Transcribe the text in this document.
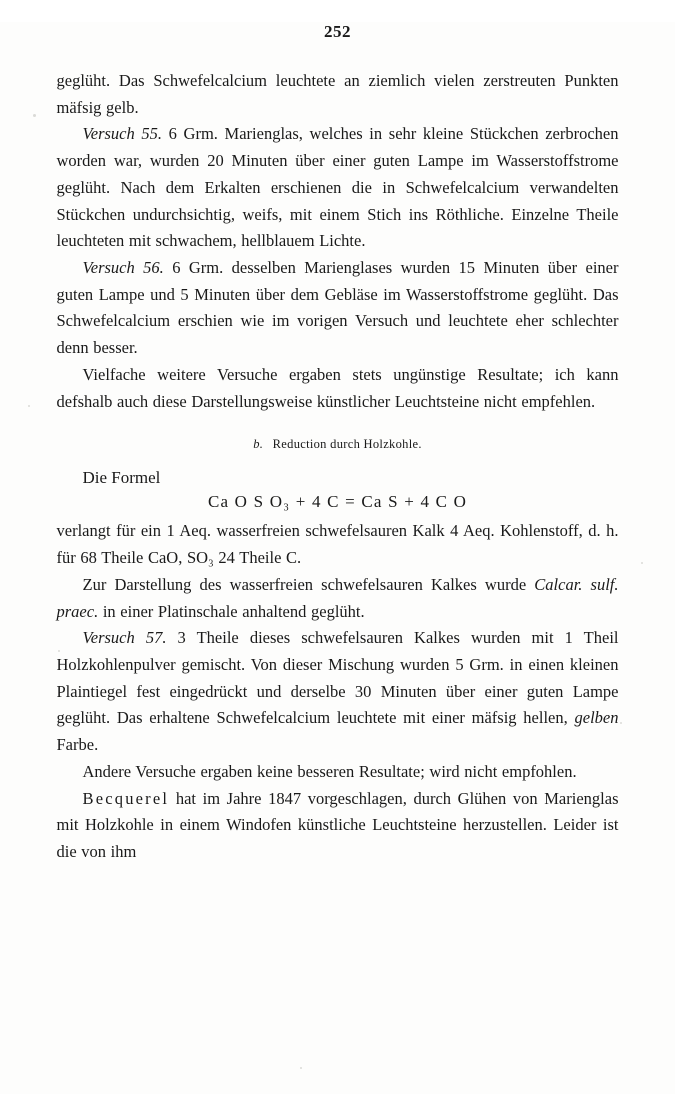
252

geglüht. Das Schwefelcalcium leuchtete an ziemlich vielen zerstreuten Punkten mäfsig gelb.

Versuch 55. 6 Grm. Marienglas, welches in sehr kleine Stückchen zerbrochen worden war, wurden 20 Minuten über einer guten Lampe im Wasserstoffstrome geglüht. Nach dem Erkalten erschienen die in Schwefelcalcium verwandelten Stückchen undurchsichtig, weifs, mit einem Stich ins Röthliche. Einzelne Theile leuchteten mit schwachem, hellblauem Lichte.

Versuch 56. 6 Grm. desselben Marienglases wurden 15 Minuten über einer guten Lampe und 5 Minuten über dem Gebläse im Wasserstoffstrome geglüht. Das Schwefelcalcium erschien wie im vorigen Versuch und leuchtete eher schlechter denn besser.

Vielfache weitere Versuche ergaben stets ungünstige Resultate; ich kann defshalb auch diese Darstellungsweise künstlicher Leuchtsteine nicht empfehlen.

b. Reduction durch Holzkohle.
Die Formel
Ca O S O₃ + 4 C = Ca S + 4 C O

verlangt für ein 1 Aeq. wasserfreien schwefelsauren Kalk 4 Aeq. Kohlenstoff, d. h. für 68 Theile CaO, SO₃ 24 Theile C.

Zur Darstellung des wasserfreien schwefelsauren Kalkes wurde Calcar. sulf. praec. in einer Platinschale anhaltend geglüht.

Versuch 57. 3 Theile dieses schwefelsauren Kalkes wurden mit 1 Theil Holzkohlenpulver gemischt. Von dieser Mischung wurden 5 Grm. in einen kleinen Plaintiegel fest eingedrückt und derselbe 30 Minuten über einer guten Lampe geglüht. Das erhaltene Schwefelcalcium leuchtete mit einer mäfsig hellen, gelben Farbe.

Andere Versuche ergaben keine besseren Resultate; wird nicht empfohlen.

Becquerel hat im Jahre 1847 vorgeschlagen, durch Glühen von Marienglas mit Holzkohle in einem Windofen künstliche Leuchtsteine herzustellen. Leider ist die von ihm
